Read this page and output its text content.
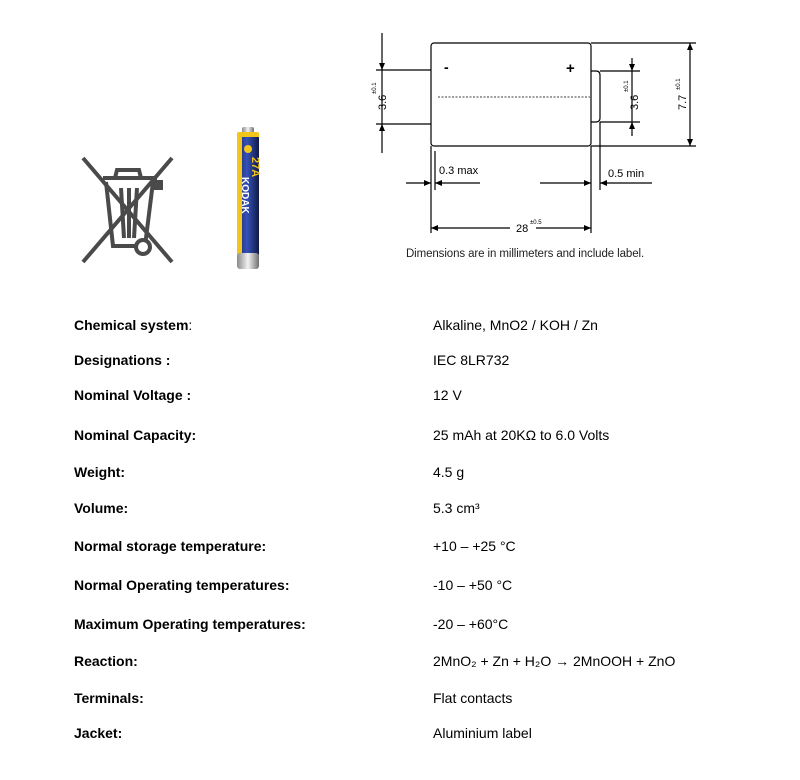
27A
KODAK
-	+
3.6
±0.1
3.6
±0.1
7.7
±0.1
0.3 max	0.5 min
28 ±0.5
Dimensions are in millimeters and include label.
Chemical system:	Alkaline, MnO2 / KOH / Zn
Designations :	IEC 8LR732
Nominal Voltage :	12 V
Nominal Capacity:	25 mAh at 20KΩ to 6.0 Volts
Weight:	4.5 g
Volume:	5.3 cm³
Normal storage temperature:	+10 – +25 °C
Normal Operating temperatures:	-10 – +50 °C
Maximum Operating temperatures:	-20 – +60°C
Reaction:	2MnO₂ + Zn + H₂O → 2MnOOH + ZnO
Terminals:	Flat contacts
Jacket:	Aluminium label
